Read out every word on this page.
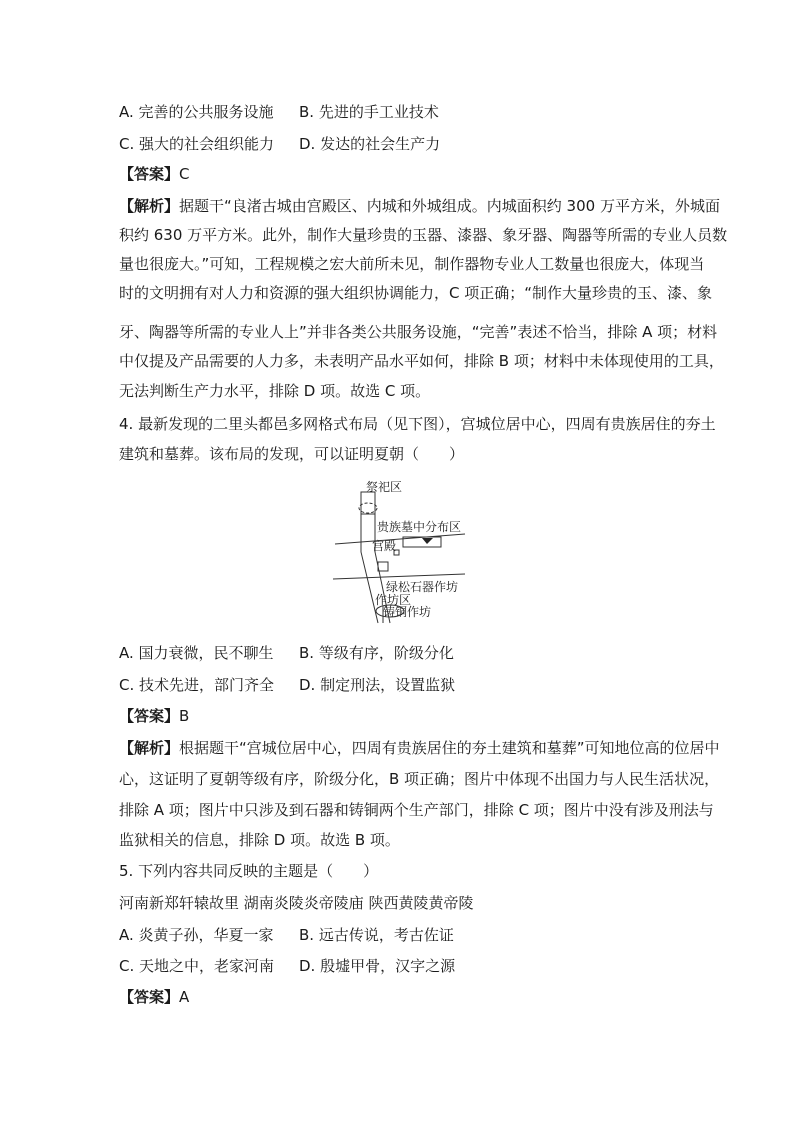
A. 完善的公共服务设施 B. 先进的手工业技术
C. 强大的社会组织能力 D. 发达的社会生产力
【答案】C
【解析】据题干“良渚古城由宫殿区、内城和外城组成。内城面积约 300 万平方米，外城面
积约 630 万平方米。此外，制作大量珍贵的玉器、漆器、象牙器、陶器等所需的专业人员数
量也很庞大。”可知，工程规模之宏大前所未见，制作器物专业人工数量也很庞大，体现当
时的文明拥有对人力和资源的强大组织协调能力，C 项正确；“制作大量珍贵的玉、漆、象
牙、陶器等所需的专业人上”并非各类公共服务设施，“完善”表述不恰当，排除 A 项；材料
中仅提及产品需要的人力多，未表明产品水平如何，排除 B 项；材料中未体现使用的工具，
无法判断生产力水平，排除 D 项。故选 C 项。
4. 最新发现的二里头都邑多网格式布局（见下图），宫城位居中心，四周有贵族居住的夯土
建筑和墓葬。该布局的发现，可以证明夏朝（　　）
祭祀区
贵族墓中分布区
宫殿
绿松石器作坊
作坊区
铸铜作坊
A. 国力衰微，民不聊生 B. 等级有序，阶级分化
C. 技术先进，部门齐全 D. 制定刑法，设置监狱
【答案】B
【解析】根据题干“宫城位居中心，四周有贵族居住的夯土建筑和墓葬”可知地位高的位居中
心，这证明了夏朝等级有序，阶级分化，B 项正确；图片中体现不出国力与人民生活状况，
排除 A 项；图片中只涉及到石器和铸铜两个生产部门，排除 C 项；图片中没有涉及刑法与
监狱相关的信息，排除 D 项。故选 B 项。
5. 下列内容共同反映的主题是（　　）
河南新郑轩辕故里 湖南炎陵炎帝陵庙 陕西黄陵黄帝陵
A. 炎黄子孙，华夏一家 B. 远古传说，考古佐证
C. 天地之中，老家河南 D. 殷墟甲骨，汉字之源
【答案】A
